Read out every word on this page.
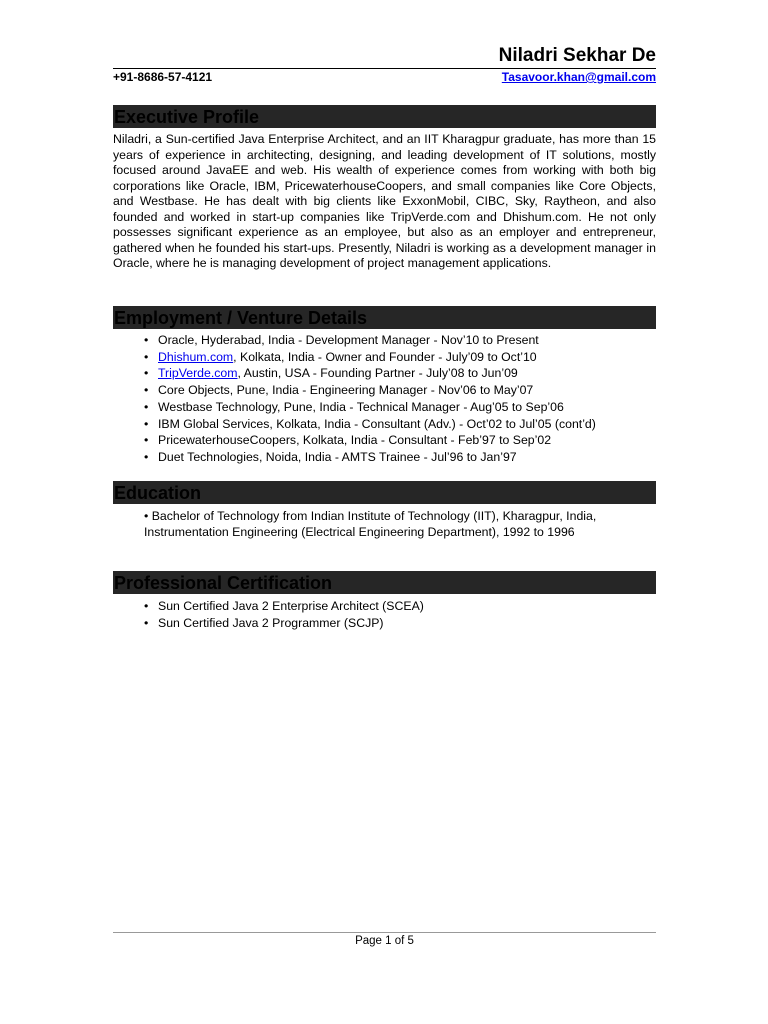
Niladri Sekhar De
+91-8686-57-4121	Tasavoor.khan@gmail.com
Executive Profile
Niladri, a Sun-certified Java Enterprise Architect, and an IIT Kharagpur graduate, has more than 15 years of experience in architecting, designing, and leading development of IT solutions, mostly focused around JavaEE and web. His wealth of experience comes from working with both big corporations like Oracle, IBM, PricewaterhouseCoopers, and small companies like Core Objects, and Westbase. He has dealt with big clients like ExxonMobil, CIBC, Sky, Raytheon, and also founded and worked in start-up companies like TripVerde.com and Dhishum.com. He not only possesses significant experience as an employee, but also as an employer and entrepreneur, gathered when he founded his start-ups. Presently, Niladri is working as a development manager in Oracle, where he is managing development of project management applications.
Employment / Venture Details
• Oracle, Hyderabad, India - Development Manager - Nov’10 to Present
• Dhishum.com, Kolkata, India - Owner and Founder - July’09 to Oct’10
• TripVerde.com, Austin, USA - Founding Partner - July’08 to Jun’09
• Core Objects, Pune, India - Engineering Manager - Nov’06 to May’07
• Westbase Technology, Pune, India - Technical Manager - Aug’05 to Sep’06
• IBM Global Services, Kolkata, India - Consultant (Adv.) - Oct’02 to Jul’05 (cont’d)
• PricewaterhouseCoopers, Kolkata, India - Consultant - Feb’97 to Sep’02
• Duet Technologies, Noida, India - AMTS Trainee - Jul’96 to Jan’97
Education
• Bachelor of Technology from Indian Institute of Technology (IIT), Kharagpur, India, Instrumentation Engineering (Electrical Engineering Department), 1992 to 1996
Professional Certification
• Sun Certified Java 2 Enterprise Architect (SCEA)
• Sun Certified Java 2 Programmer (SCJP)
Page 1 of 5
